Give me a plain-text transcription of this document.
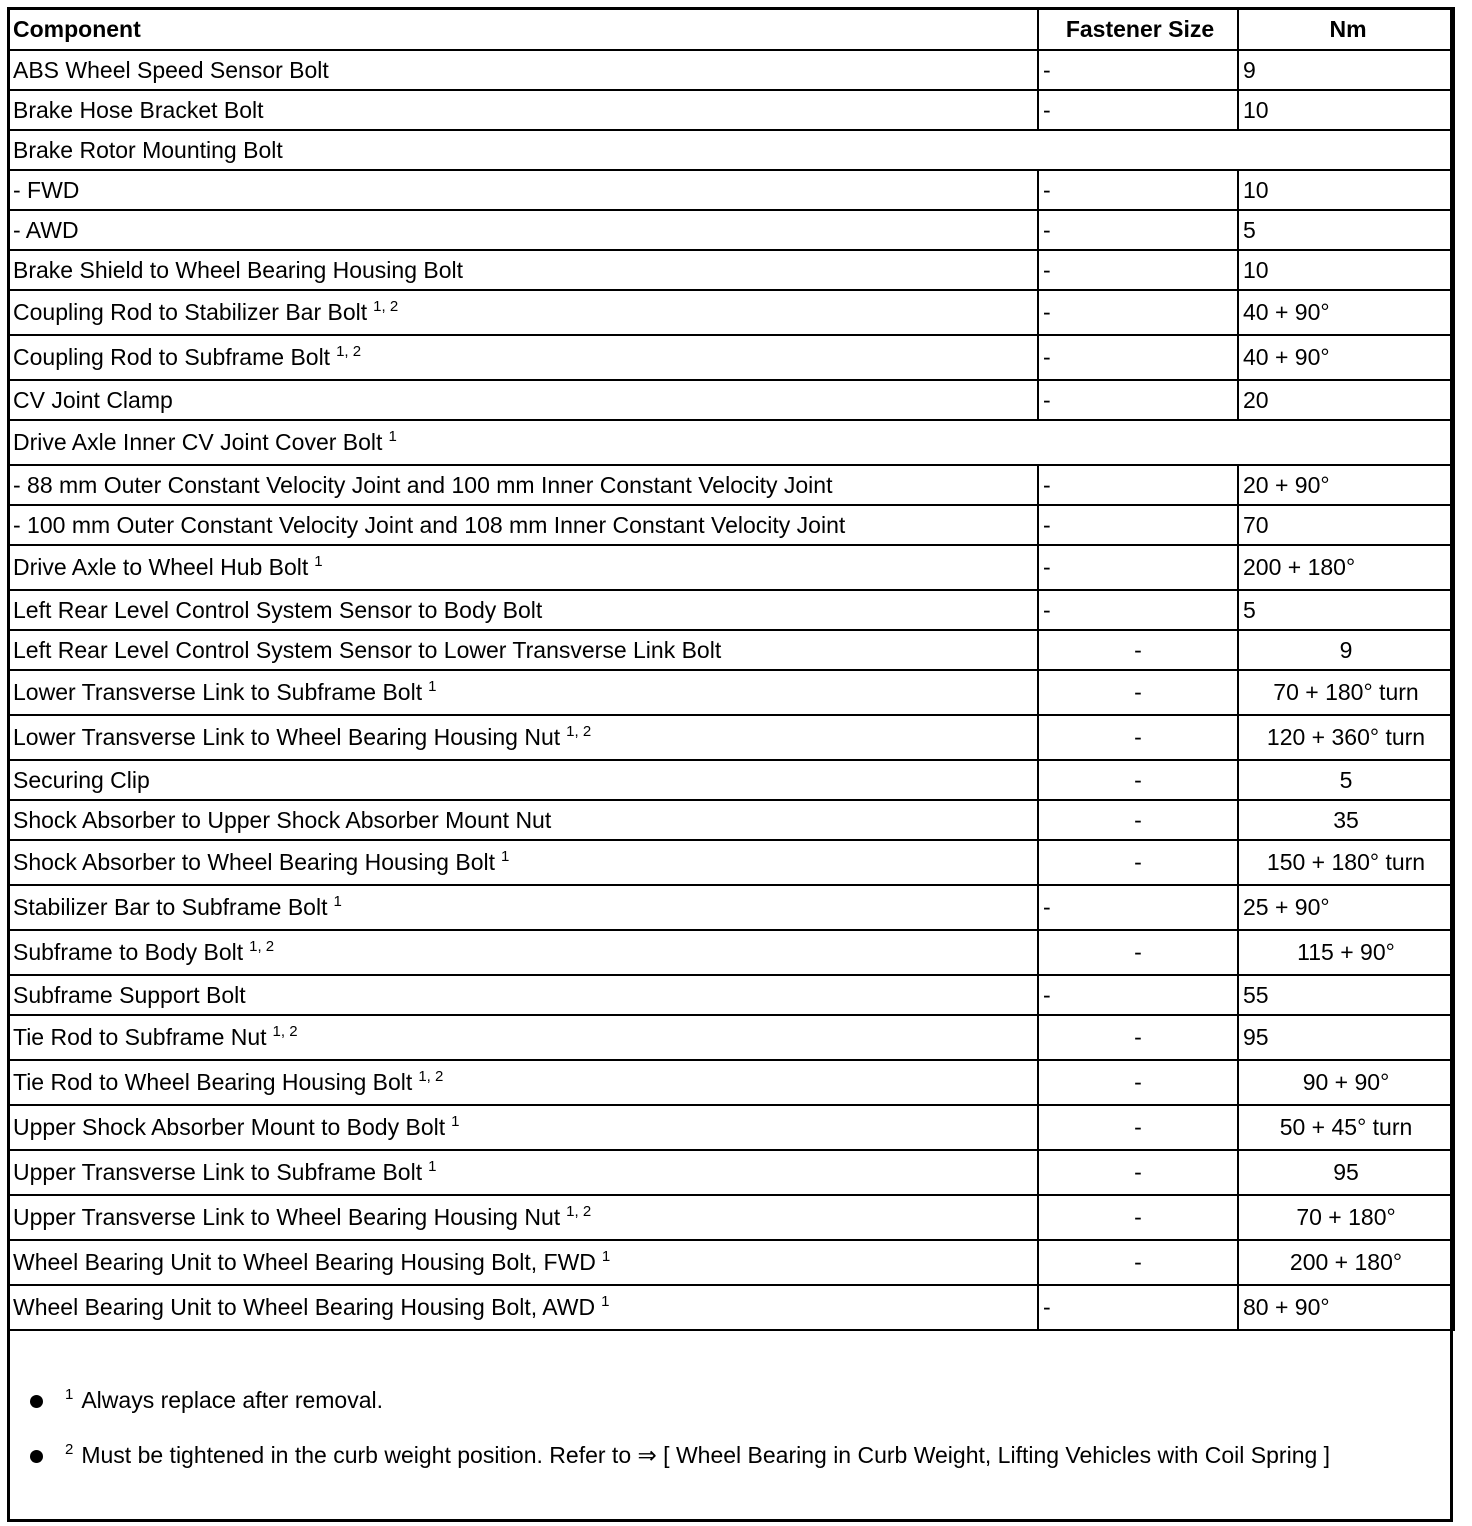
Component	Fastener Size	Nm
ABS Wheel Speed Sensor Bolt	-	9
Brake Hose Bracket Bolt	-	10
Brake Rotor Mounting Bolt		
- FWD	-	10
- AWD	-	5
Brake Shield to Wheel Bearing Housing Bolt	-	10
Coupling Rod to Stabilizer Bar Bolt $^{1, 2}$	-	40 + 90°
Coupling Rod to Subframe Bolt $^{1, 2}$	-	40 + 90°
CV Joint Clamp	-	20
Drive Axle Inner CV Joint Cover Bolt $^1$
- 88 mm Outer Constant Velocity Joint and 100 mm Inner Constant Velocity Joint	-	20 + 90°
- 100 mm Outer Constant Velocity Joint and 108 mm Inner Constant Velocity Joint	-	70
Drive Axle to Wheel Hub Bolt $^1$	-	200 + 180°
Left Rear Level Control System Sensor to Body Bolt	-	5
Left Rear Level Control System Sensor to Lower Transverse Link Bolt	-	9
Lower Transverse Link to Subframe Bolt $^1$	-	70 + 180° turn
Lower Transverse Link to Wheel Bearing Housing Nut $^{1, 2}$	-	120 + 360° turn
Securing Clip	-	5
Shock Absorber to Upper Shock Absorber Mount Nut	-	35
Shock Absorber to Wheel Bearing Housing Bolt $^1$	-	150 + 180° turn
Stabilizer Bar to Subframe Bolt $^1$	-	25 + 90°
Subframe to Body Bolt $^{1, 2}$	-	115 + 90°
Subframe Support Bolt	-	55
Tie Rod to Subframe Nut $^{1, 2}$	-	95
Tie Rod to Wheel Bearing Housing Bolt $^{1, 2}$	-	90 + 90°
Upper Shock Absorber Mount to Body Bolt $^1$	-	50 + 45° turn
Upper Transverse Link to Subframe Bolt $^1$	-	95
Upper Transverse Link to Wheel Bearing Housing Nut $^{1, 2}$	-	70 + 180°
Wheel Bearing Unit to Wheel Bearing Housing Bolt, FWD $^1$	-	200 + 180°
Wheel Bearing Unit to Wheel Bearing Housing Bolt, AWD $^1$	-	80 + 90°
$^1$ Always replace after removal.
$^2$ Must be tightened in the curb weight position. Refer to ⇒ [ Wheel Bearing in Curb Weight, Lifting Vehicles with Coil Spring ]
